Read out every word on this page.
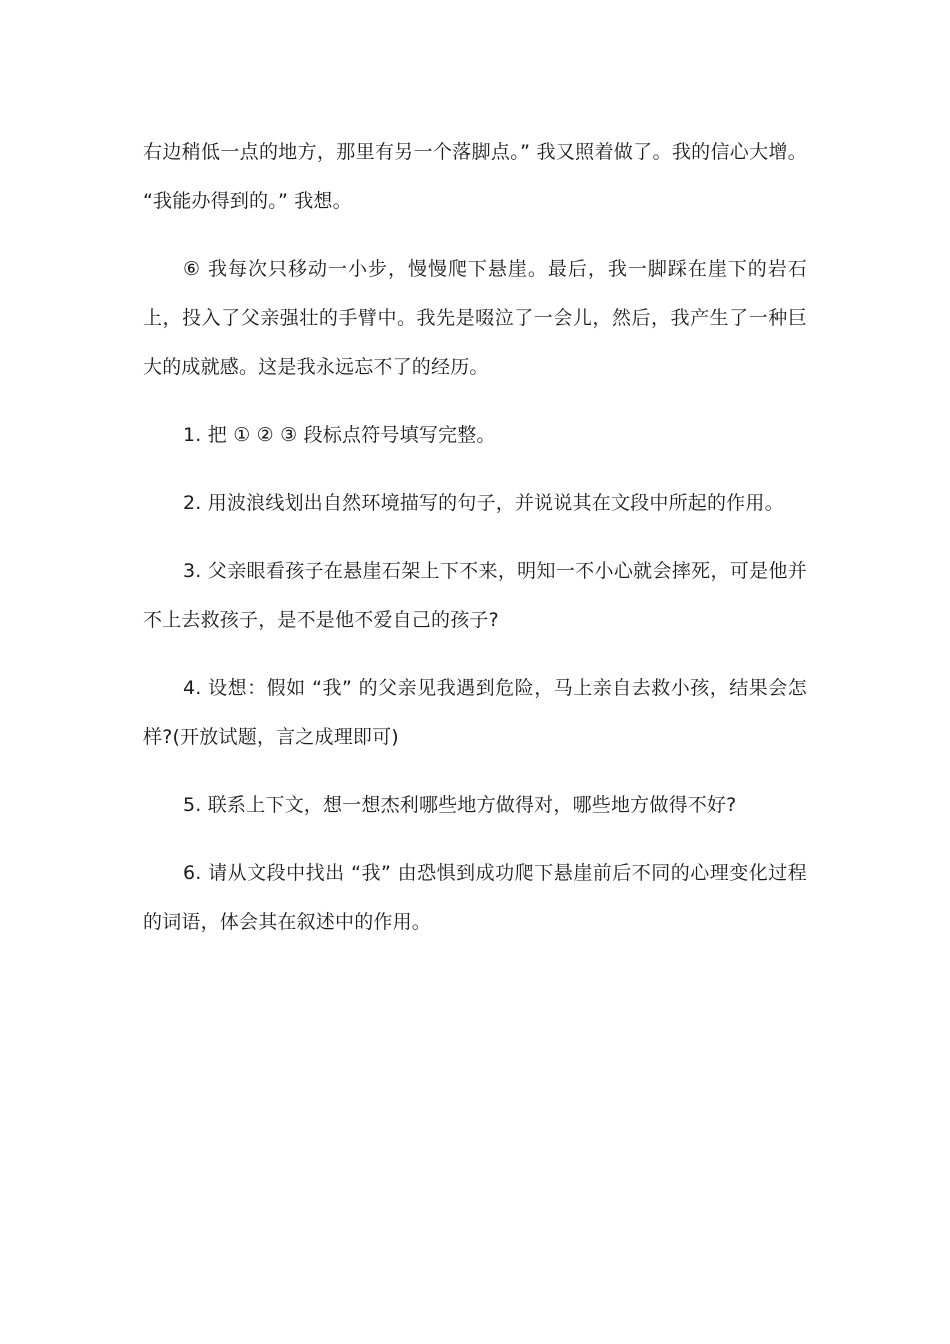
右边稍低一点的地方，那里有另一个落脚点。” 我又照着做了。我的信心大增。 “我能办得到的。” 我想。

⑥ 我每次只移动一小步，慢慢爬下悬崖。最后，我一脚踩在崖下的岩石上，投入了父亲强壮的手臂中。我先是啜泣了一会儿，然后，我产生了一种巨大的成就感。这是我永远忘不了的经历。

1. 把 ① ② ③ 段标点符号填写完整。

2. 用波浪线划出自然环境描写的句子，并说说其在文段中所起的作用。

3. 父亲眼看孩子在悬崖石架上下不来，明知一不小心就会摔死，可是他并不上去救孩子，是不是他不爱自己的孩子?

4. 设想：假如 “我” 的父亲见我遇到危险，马上亲自去救小孩，结果会怎样?(开放试题，言之成理即可)

5. 联系上下文，想一想杰利哪些地方做得对，哪些地方做得不好?

6. 请从文段中找出 “我” 由恐惧到成功爬下悬崖前后不同的心理变化过程的词语，体会其在叙述中的作用。
